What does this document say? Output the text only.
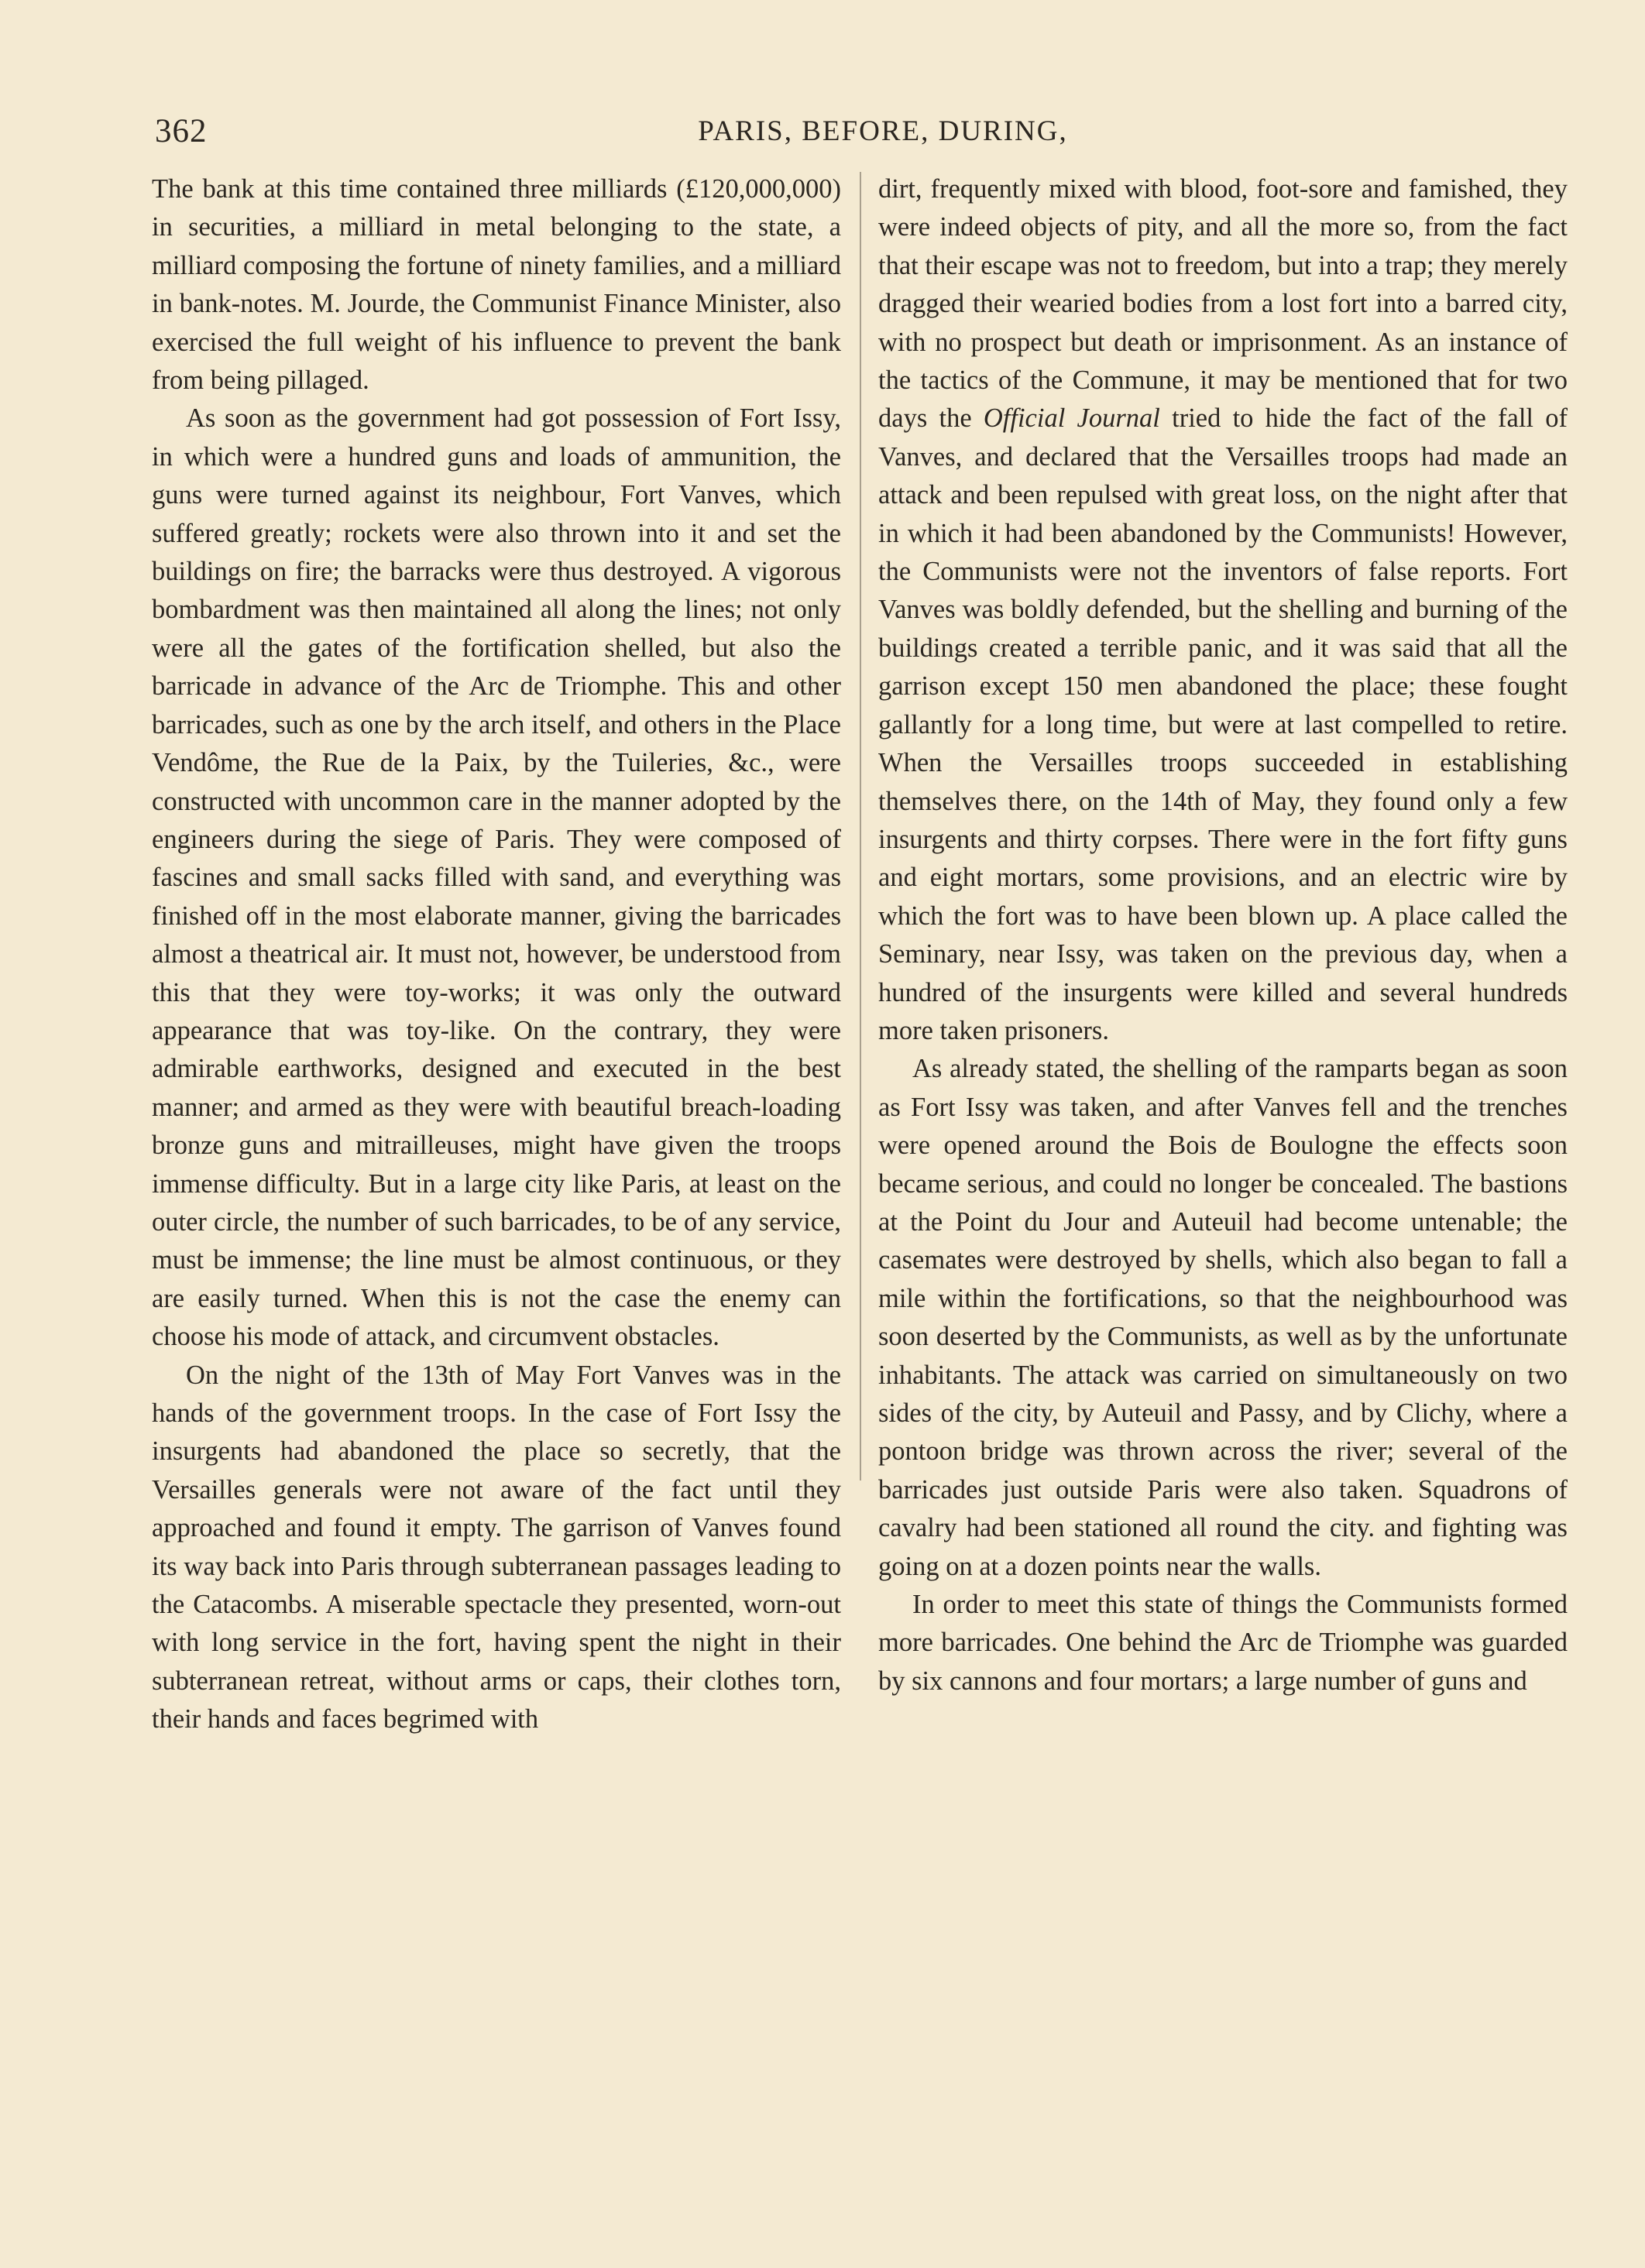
362	PARIS, BEFORE, DURING,

The bank at this time contained three milliards (£120,000,000) in securities, a milliard in metal belonging to the state, a milliard composing the fortune of ninety families, and a milliard in bank-notes. M. Jourde, the Communist Finance Minister, also exercised the full weight of his influence to prevent the bank from being pillaged.

As soon as the government had got possession of Fort Issy, in which were a hundred guns and loads of ammunition, the guns were turned against its neighbour, Fort Vanves, which suffered greatly; rockets were also thrown into it and set the buildings on fire; the barracks were thus destroyed. A vigorous bombardment was then maintained all along the lines; not only were all the gates of the fortification shelled, but also the barricade in advance of the Arc de Triomphe. This and other barricades, such as one by the arch itself, and others in the Place Vendôme, the Rue de la Paix, by the Tuileries, &c., were constructed with uncommon care in the manner adopted by the engineers during the siege of Paris. They were composed of fascines and small sacks filled with sand, and everything was finished off in the most elaborate manner, giving the barricades almost a theatrical air. It must not, however, be understood from this that they were toy-works; it was only the outward appearance that was toy-like. On the contrary, they were admirable earthworks, designed and executed in the best manner; and armed as they were with beautiful breach-loading bronze guns and mitrailleuses, might have given the troops immense difficulty. But in a large city like Paris, at least on the outer circle, the number of such barricades, to be of any service, must be immense; the line must be almost continuous, or they are easily turned. When this is not the case the enemy can choose his mode of attack, and circumvent obstacles.

On the night of the 13th of May Fort Vanves was in the hands of the government troops. In the case of Fort Issy the insurgents had abandoned the place so secretly, that the Versailles generals were not aware of the fact until they approached and found it empty. The garrison of Vanves found its way back into Paris through subterranean passages leading to the Catacombs. A miserable spectacle they presented, worn-out with long service in the fort, having spent the night in their subterranean retreat, without arms or caps, their clothes torn, their hands and faces begrimed with

dirt, frequently mixed with blood, foot-sore and famished, they were indeed objects of pity, and all the more so, from the fact that their escape was not to freedom, but into a trap; they merely dragged their wearied bodies from a lost fort into a barred city, with no prospect but death or imprisonment. As an instance of the tactics of the Commune, it may be mentioned that for two days the Official Journal tried to hide the fact of the fall of Vanves, and declared that the Versailles troops had made an attack and been repulsed with great loss, on the night after that in which it had been abandoned by the Communists! However, the Communists were not the inventors of false reports. Fort Vanves was boldly defended, but the shelling and burning of the buildings created a terrible panic, and it was said that all the garrison except 150 men abandoned the place; these fought gallantly for a long time, but were at last compelled to retire. When the Versailles troops succeeded in establishing themselves there, on the 14th of May, they found only a few insurgents and thirty corpses. There were in the fort fifty guns and eight mortars, some provisions, and an electric wire by which the fort was to have been blown up. A place called the Seminary, near Issy, was taken on the previous day, when a hundred of the insurgents were killed and several hundreds more taken prisoners.

As already stated, the shelling of the ramparts began as soon as Fort Issy was taken, and after Vanves fell and the trenches were opened around the Bois de Boulogne the effects soon became serious, and could no longer be concealed. The bastions at the Point du Jour and Auteuil had become untenable; the casemates were destroyed by shells, which also began to fall a mile within the fortifications, so that the neighbourhood was soon deserted by the Communists, as well as by the unfortunate inhabitants. The attack was carried on simultaneously on two sides of the city, by Auteuil and Passy, and by Clichy, where a pontoon bridge was thrown across the river; several of the barricades just outside Paris were also taken. Squadrons of cavalry had been stationed all round the city. and fighting was going on at a dozen points near the walls.

In order to meet this state of things the Communists formed more barricades. One behind the Arc de Triomphe was guarded by six cannons and four mortars; a large number of guns and
